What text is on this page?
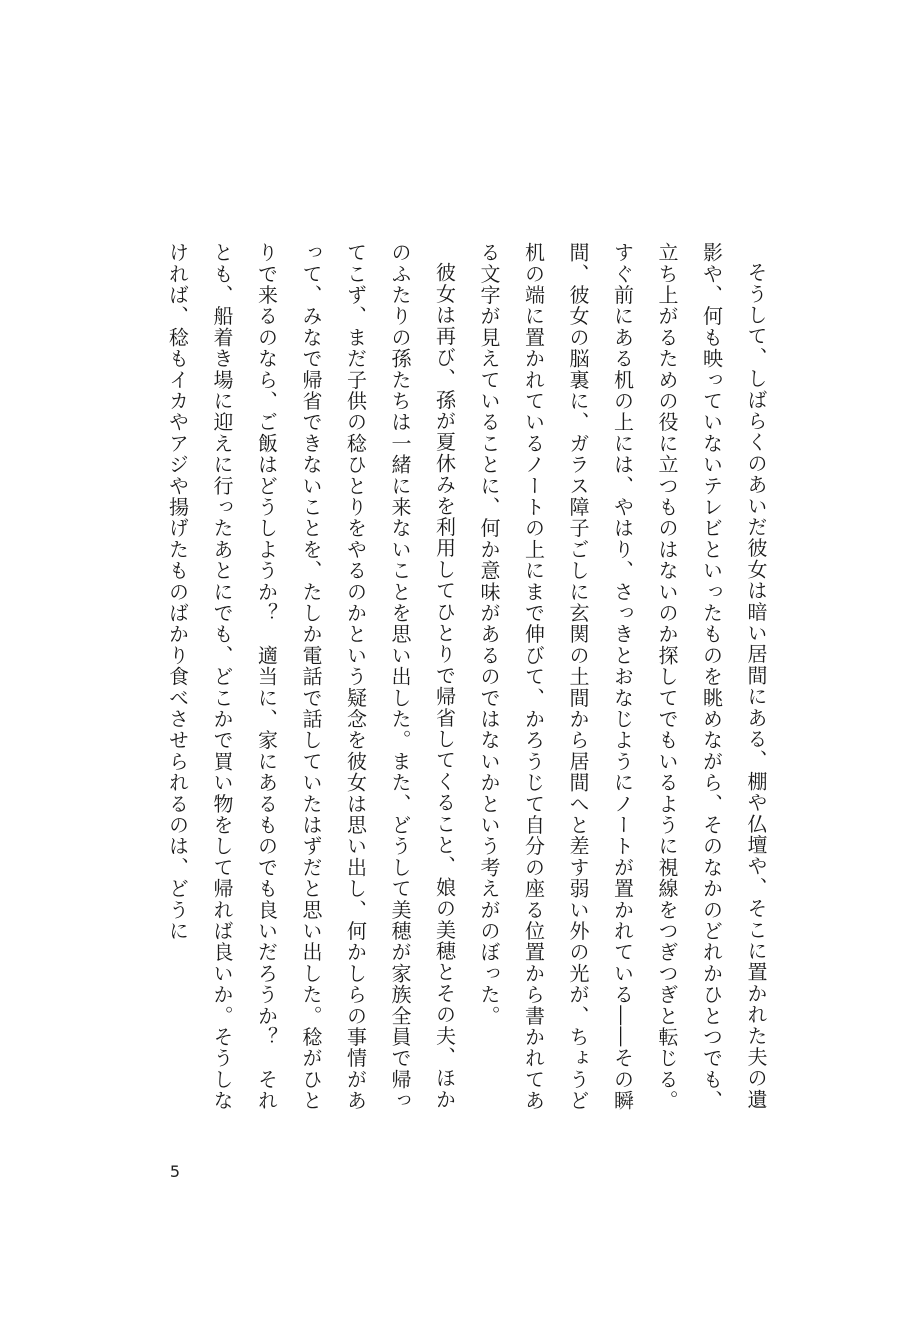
そうして、しばらくのあいだ彼女は暗い居間にある、棚や仏壇や、そこに置かれた夫の遺影や、何も映っていないテレビといったものを眺めながら、そのなかのどれかひとつでも、立ち上がるための役に立つものはないのか探してでもいるように視線をつぎつぎと転じる。すぐ前にある机の上には、やはり、さっきとおなじようにノートが置かれている――その瞬間、彼女の脳裏に、ガラス障子ごしに玄関の土間から居間へと差す弱い外の光が、ちょうど机の端に置かれているノートの上にまで伸びて、かろうじて自分の座る位置から書かれてある文字が見えていることに、何か意味があるのではないかという考えがのぼった。

彼女は再び、孫が夏休みを利用してひとりで帰省してくること、娘の美穂とその夫、ほかのふたりの孫たちは一緒に来ないことを思い出した。また、どうして美穂が家族全員で帰ってこず、まだ子供の稔ひとりをやるのかという疑念を彼女は思い出し、何かしらの事情があって、みなで帰省できないことを、たしか電話で話していたはずだと思い出した。稔がひとりで来るのなら、ご飯はどうしようか？　適当に、家にあるものでも良いだろうか？　それとも、船着き場に迎えに行ったあとにでも、どこかで買い物をして帰れば良いか。そうしなければ、稔もイカやアジや揚げたものばかり食べさせられるのは、どうに

5
